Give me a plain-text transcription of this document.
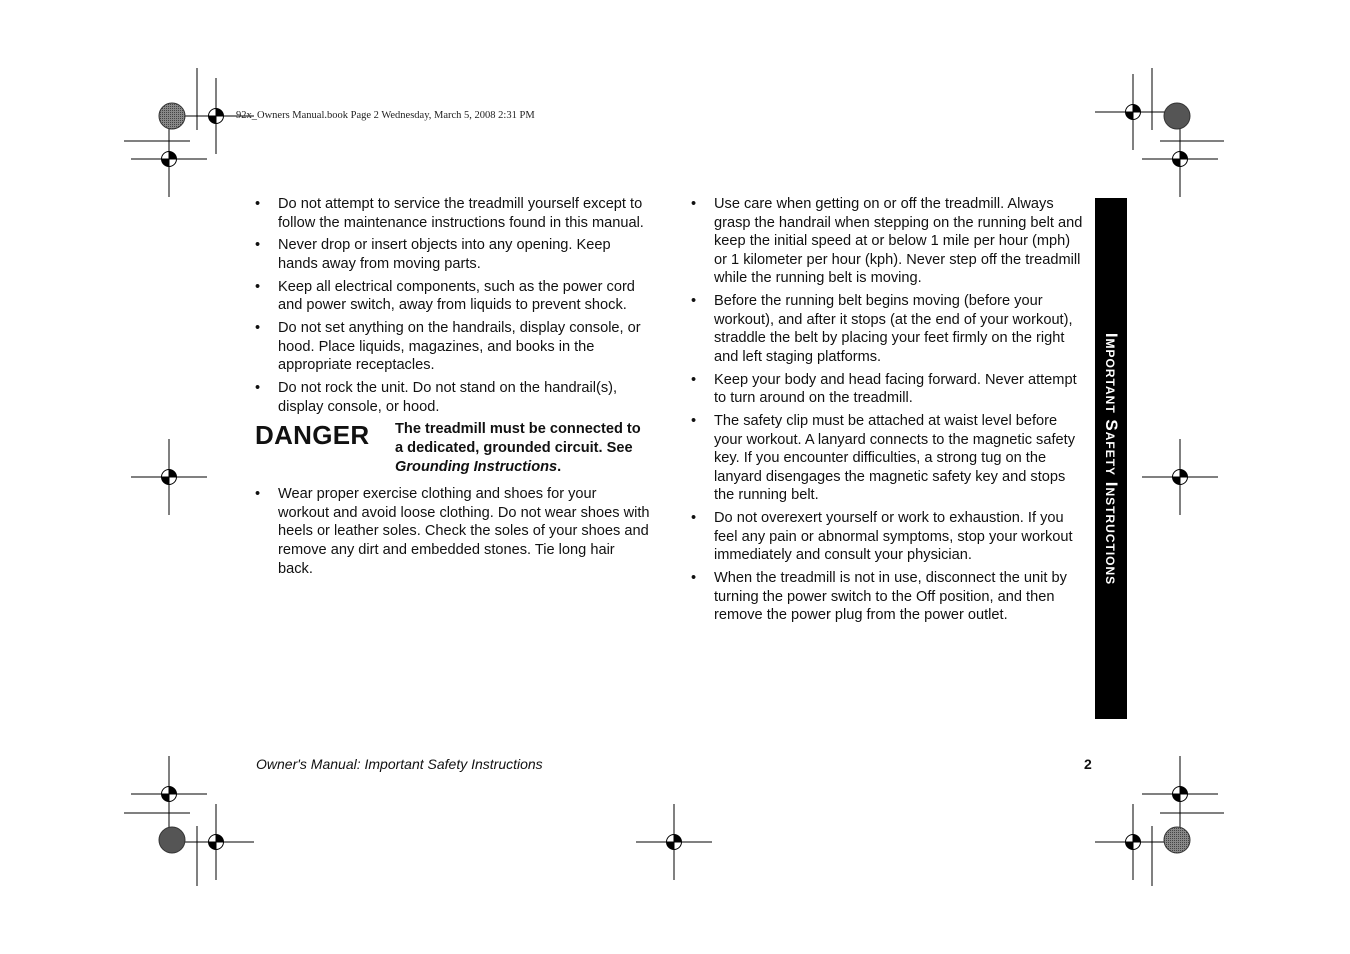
92x_Owners Manual.book Page 2 Wednesday, March 5, 2008 2:31 PM
• Do not attempt to service the treadmill yourself except to follow the maintenance instructions found in this manual.
• Never drop or insert objects into any opening. Keep hands away from moving parts.
• Keep all electrical components, such as the power cord and power switch, away from liquids to prevent shock.
• Do not set anything on the handrails, display console, or hood. Place liquids, magazines, and books in the appropriate receptacles.
• Do not rock the unit. Do not stand on the handrail(s), display console, or hood.
DANGER	The treadmill must be connected to a dedicated, grounded circuit. See Grounding Instructions.
• Wear proper exercise clothing and shoes for your workout and avoid loose clothing. Do not wear shoes with heels or leather soles. Check the soles of your shoes and remove any dirt and embedded stones. Tie long hair back.
• Use care when getting on or off the treadmill. Always grasp the handrail when stepping on the running belt and keep the initial speed at or below 1 mile per hour (mph) or 1 kilometer per hour (kph). Never step off the treadmill while the running belt is moving.
• Before the running belt begins moving (before your workout), and after it stops (at the end of your workout), straddle the belt by placing your feet firmly on the right and left staging platforms.
• Keep your body and head facing forward. Never attempt to turn around on the treadmill.
• The safety clip must be attached at waist level before your workout. A lanyard connects to the magnetic safety key. If you encounter difficulties, a strong tug on the lanyard disengages the magnetic safety key and stops the running belt.
• Do not overexert yourself or work to exhaustion. If you feel any pain or abnormal symptoms, stop your workout immediately and consult your physician.
• When the treadmill is not in use, disconnect the unit by turning the power switch to the Off position, and then remove the power plug from the power outlet.
Important Safety Instructions
Owner's Manual: Important Safety Instructions	2
